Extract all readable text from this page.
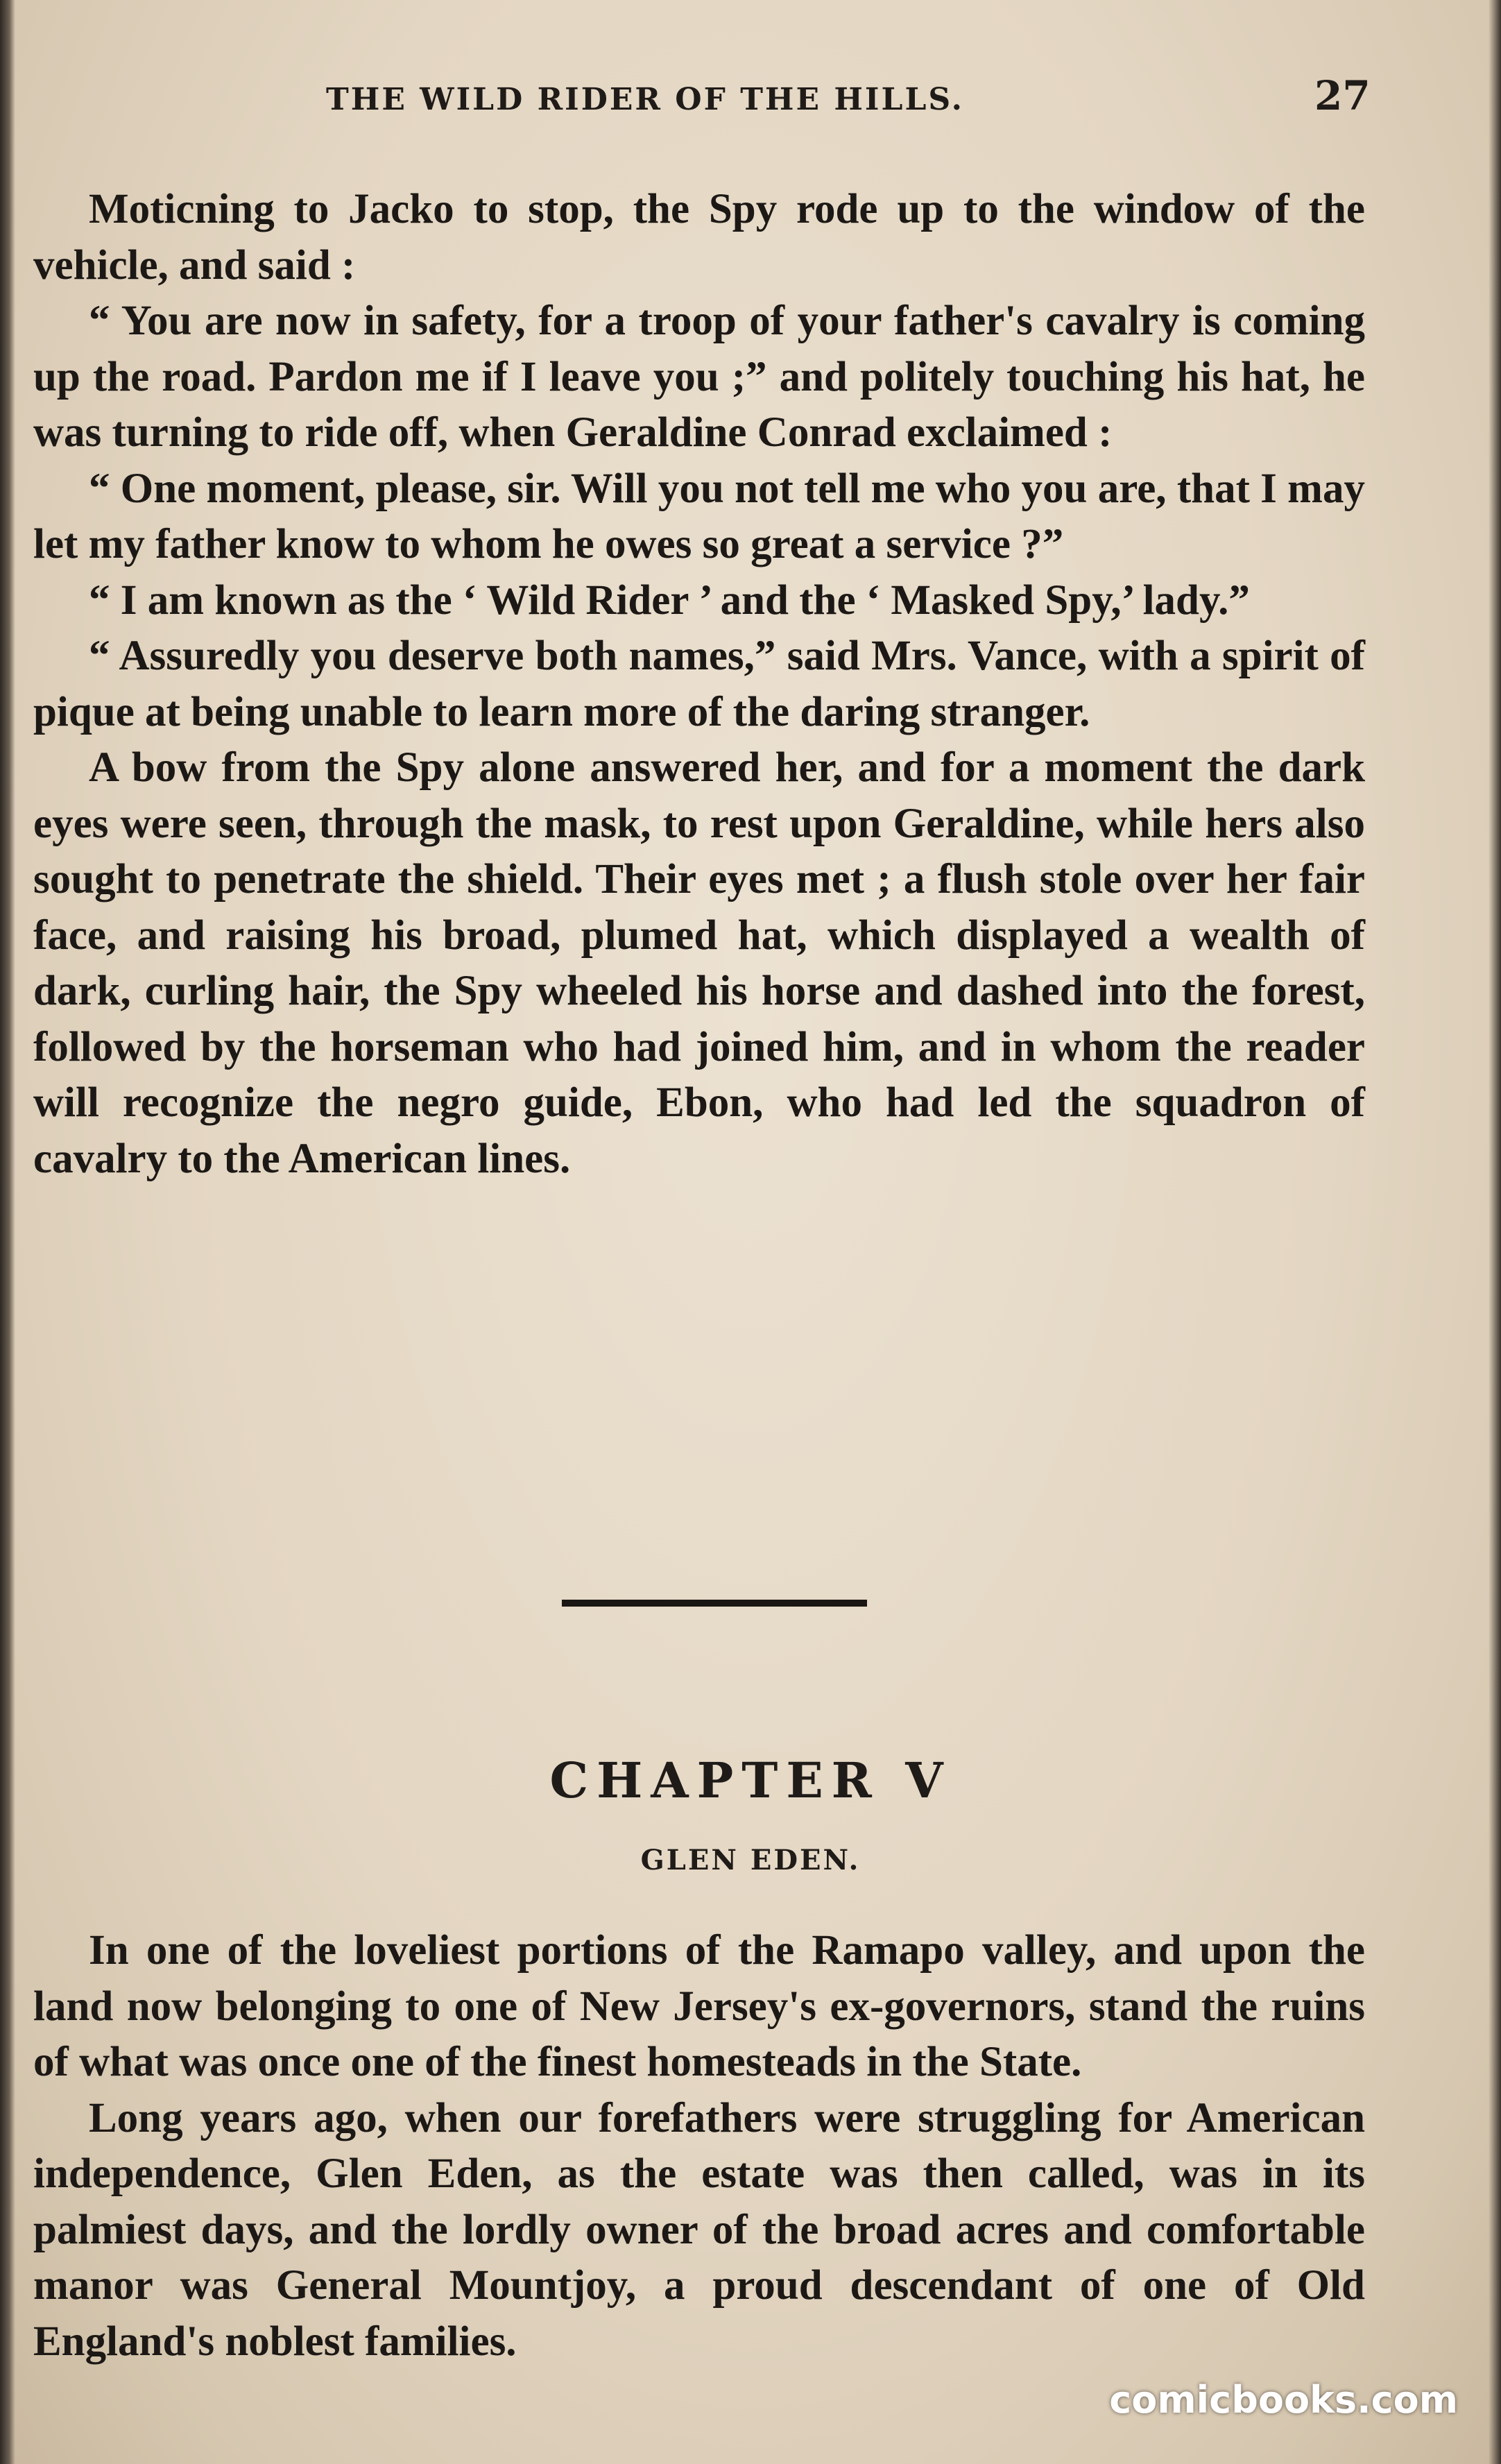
THE WILD RIDER OF THE HILLS.	27

Moticning to Jacko to stop, the Spy rode up to the window of the vehicle, and said :

“ You are now in safety, for a troop of your father's cavalry is coming up the road. Pardon me if I leave you ;” and politely touching his hat, he was turning to ride off, when Geraldine Conrad exclaimed :

“ One moment, please, sir. Will you not tell me who you are, that I may let my father know to whom he owes so great a service ?”

“ I am known as the ‘ Wild Rider ’ and the ‘ Masked Spy,’ lady.”

“ Assuredly you deserve both names,” said Mrs. Vance, with a spirit of pique at being unable to learn more of the daring stranger.

A bow from the Spy alone answered her, and for a moment the dark eyes were seen, through the mask, to rest upon Geraldine, while hers also sought to penetrate the shield. Their eyes met ; a flush stole over her fair face, and raising his broad, plumed hat, which displayed a wealth of dark, curling hair, the Spy wheeled his horse and dashed into the forest, followed by the horseman who had joined him, and in whom the reader will recognize the negro guide, Ebon, who had led the squadron of cavalry to the American lines.

CHAPTER V
GLEN EDEN.

In one of the loveliest portions of the Ramapo valley, and upon the land now belonging to one of New Jersey's ex-governors, stand the ruins of what was once one of the finest homesteads in the State.

Long years ago, when our forefathers were struggling for American independence, Glen Eden, as the estate was then called, was in its palmiest days, and the lordly owner of the broad acres and comfortable manor was General Mountjoy, a proud descendant of one of Old England's noblest families.

comicbooks.com
